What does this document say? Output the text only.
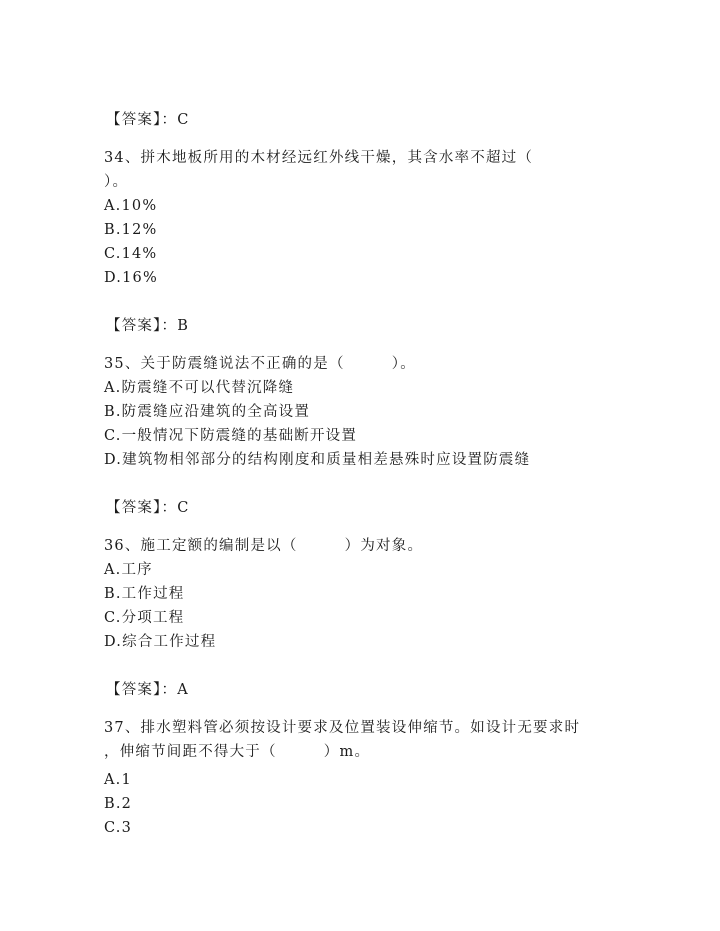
【答案】：C
34、拼木地板所用的木材经远红外线干燥，其含水率不超过（
）。
A.10%
B.12%
C.14%
D.16%
【答案】：B
35、关于防震缝说法不正确的是（　　　）。
A.防震缝不可以代替沉降缝
B.防震缝应沿建筑的全高设置
C.一般情况下防震缝的基础断开设置
D.建筑物相邻部分的结构刚度和质量相差悬殊时应设置防震缝
【答案】：C
36、施工定额的编制是以（　　　）为对象。
A.工序
B.工作过程
C.分项工程
D.综合工作过程
【答案】：A
37、排水塑料管必须按设计要求及位置装设伸缩节。如设计无要求时
，伸缩节间距不得大于（　　　）m。
A.1
B.2
C.3
